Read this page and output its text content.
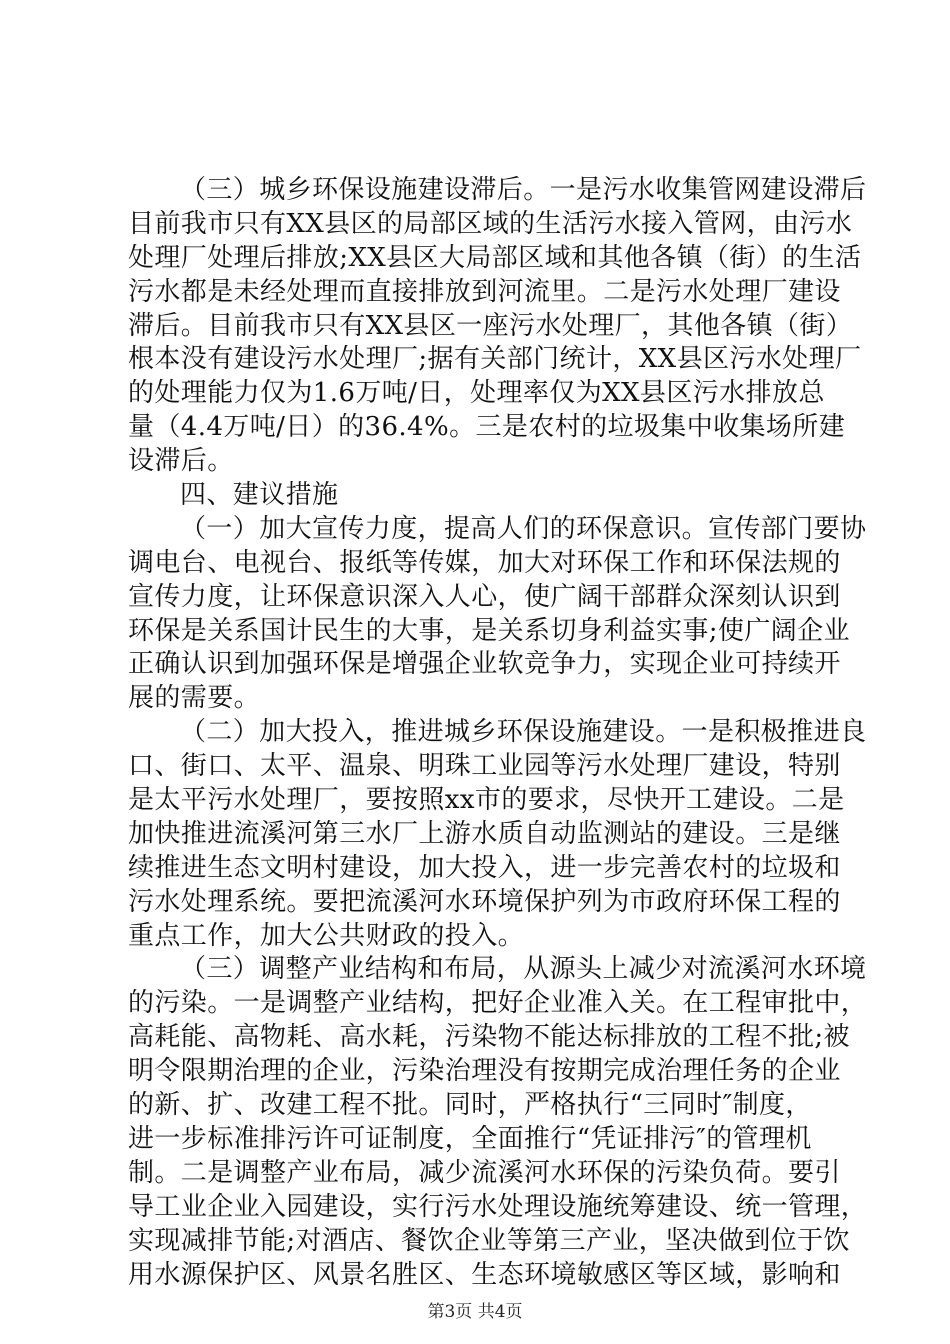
（三）城乡环保设施建设滞后。一是污水收集管网建设滞后
目前我市只有XX县区的局部区域的生活污水接入管网，由污水
处理厂处理后排放;XX县区大局部区域和其他各镇（街）的生活
污水都是未经处理而直接排放到河流里。二是污水处理厂建设
滞后。目前我市只有XX县区一座污水处理厂，其他各镇（街）
根本没有建设污水处理厂;据有关部门统计，XX县区污水处理厂
的处理能力仅为1.6万吨/日，处理率仅为XX县区污水排放总
量（4.4万吨/日）的36.4%。三是农村的垃圾集中收集场所建
设滞后。
四、建议措施
（一）加大宣传力度，提高人们的环保意识。宣传部门要协
调电台、电视台、报纸等传媒，加大对环保工作和环保法规的
宣传力度，让环保意识深入人心，使广阔干部群众深刻认识到
环保是关系国计民生的大事，是关系切身利益实事;使广阔企业
正确认识到加强环保是增强企业软竞争力，实现企业可持续开
展的需要。
（二）加大投入，推进城乡环保设施建设。一是积极推进良
口、街口、太平、温泉、明珠工业园等污水处理厂建设，特别
是太平污水处理厂，要按照xx市的要求，尽快开工建设。二是
加快推进流溪河第三水厂上游水质自动监测站的建设。三是继
续推进生态文明村建设，加大投入，进一步完善农村的垃圾和
污水处理系统。要把流溪河水环境保护列为市政府环保工程的
重点工作，加大公共财政的投入。
（三）调整产业结构和布局，从源头上减少对流溪河水环境
的污染。一是调整产业结构，把好企业准入关。在工程审批中，
高耗能、高物耗、高水耗，污染物不能达标排放的工程不批;被
明令限期治理的企业，污染治理没有按期完成治理任务的企业
的新、扩、改建工程不批。同时，严格执行“三同时″制度，
进一步标准排污许可证制度，全面推行“凭证排污″的管理机
制。二是调整产业布局，减少流溪河水环保的污染负荷。要引
导工业企业入园建设，实行污水处理设施统筹建设、统一管理，
实现减排节能;对酒店、餐饮企业等第三产业，坚决做到位于饮
用水源保护区、风景名胜区、生态环境敏感区等区域，影响和
第3页 共4页
